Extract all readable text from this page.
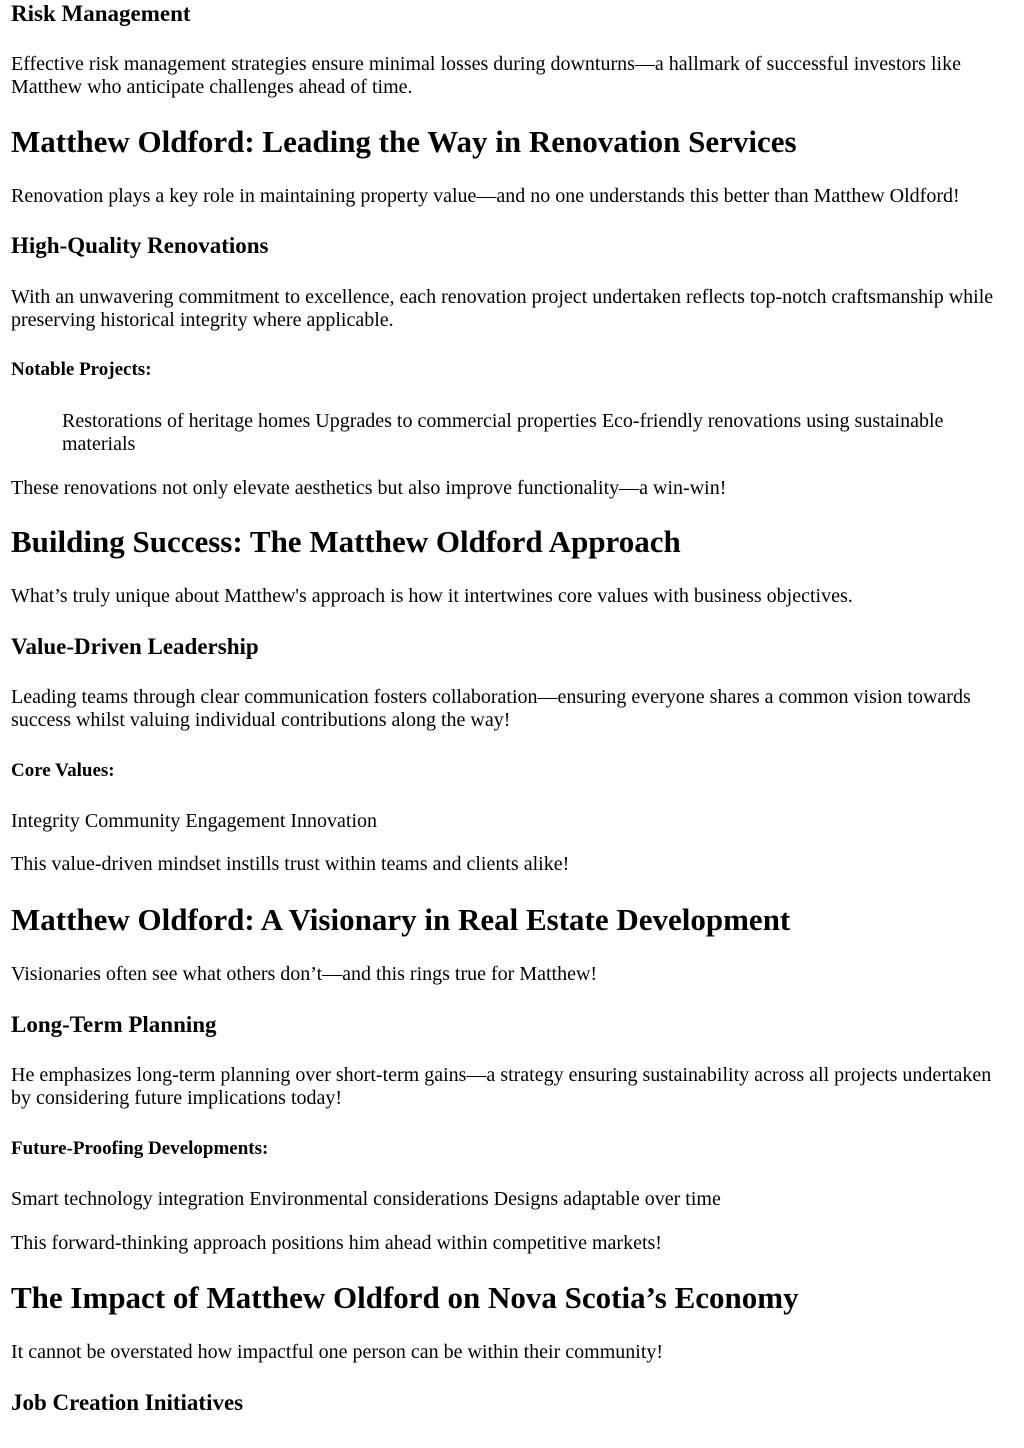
Risk Management

Effective risk management strategies ensure minimal losses during downturns—a hallmark of successful investors like Matthew who anticipate challenges ahead of time.

Matthew Oldford: Leading the Way in Renovation Services

Renovation plays a key role in maintaining property value—and no one understands this better than Matthew Oldford!

High-Quality Renovations

With an unwavering commitment to excellence, each renovation project undertaken reflects top-notch craftsmanship while preserving historical integrity where applicable.

Notable Projects:
Restorations of heritage homes Upgrades to commercial properties Eco-friendly renovations using sustainable materials

These renovations not only elevate aesthetics but also improve functionality—a win-win!

Building Success: The Matthew Oldford Approach

What’s truly unique about Matthew's approach is how it intertwines core values with business objectives.

Value-Driven Leadership

Leading teams through clear communication fosters collaboration—ensuring everyone shares a common vision towards success whilst valuing individual contributions along the way!

Core Values:

Integrity Community Engagement Innovation

This value-driven mindset instills trust within teams and clients alike!

Matthew Oldford: A Visionary in Real Estate Development

Visionaries often see what others don’t—and this rings true for Matthew!

Long-Term Planning

He emphasizes long-term planning over short-term gains—a strategy ensuring sustainability across all projects undertaken by considering future implications today!

Future-Proofing Developments:

Smart technology integration Environmental considerations Designs adaptable over time

This forward-thinking approach positions him ahead within competitive markets!

The Impact of Matthew Oldford on Nova Scotia’s Economy

It cannot be overstated how impactful one person can be within their community!

Job Creation Initiatives
